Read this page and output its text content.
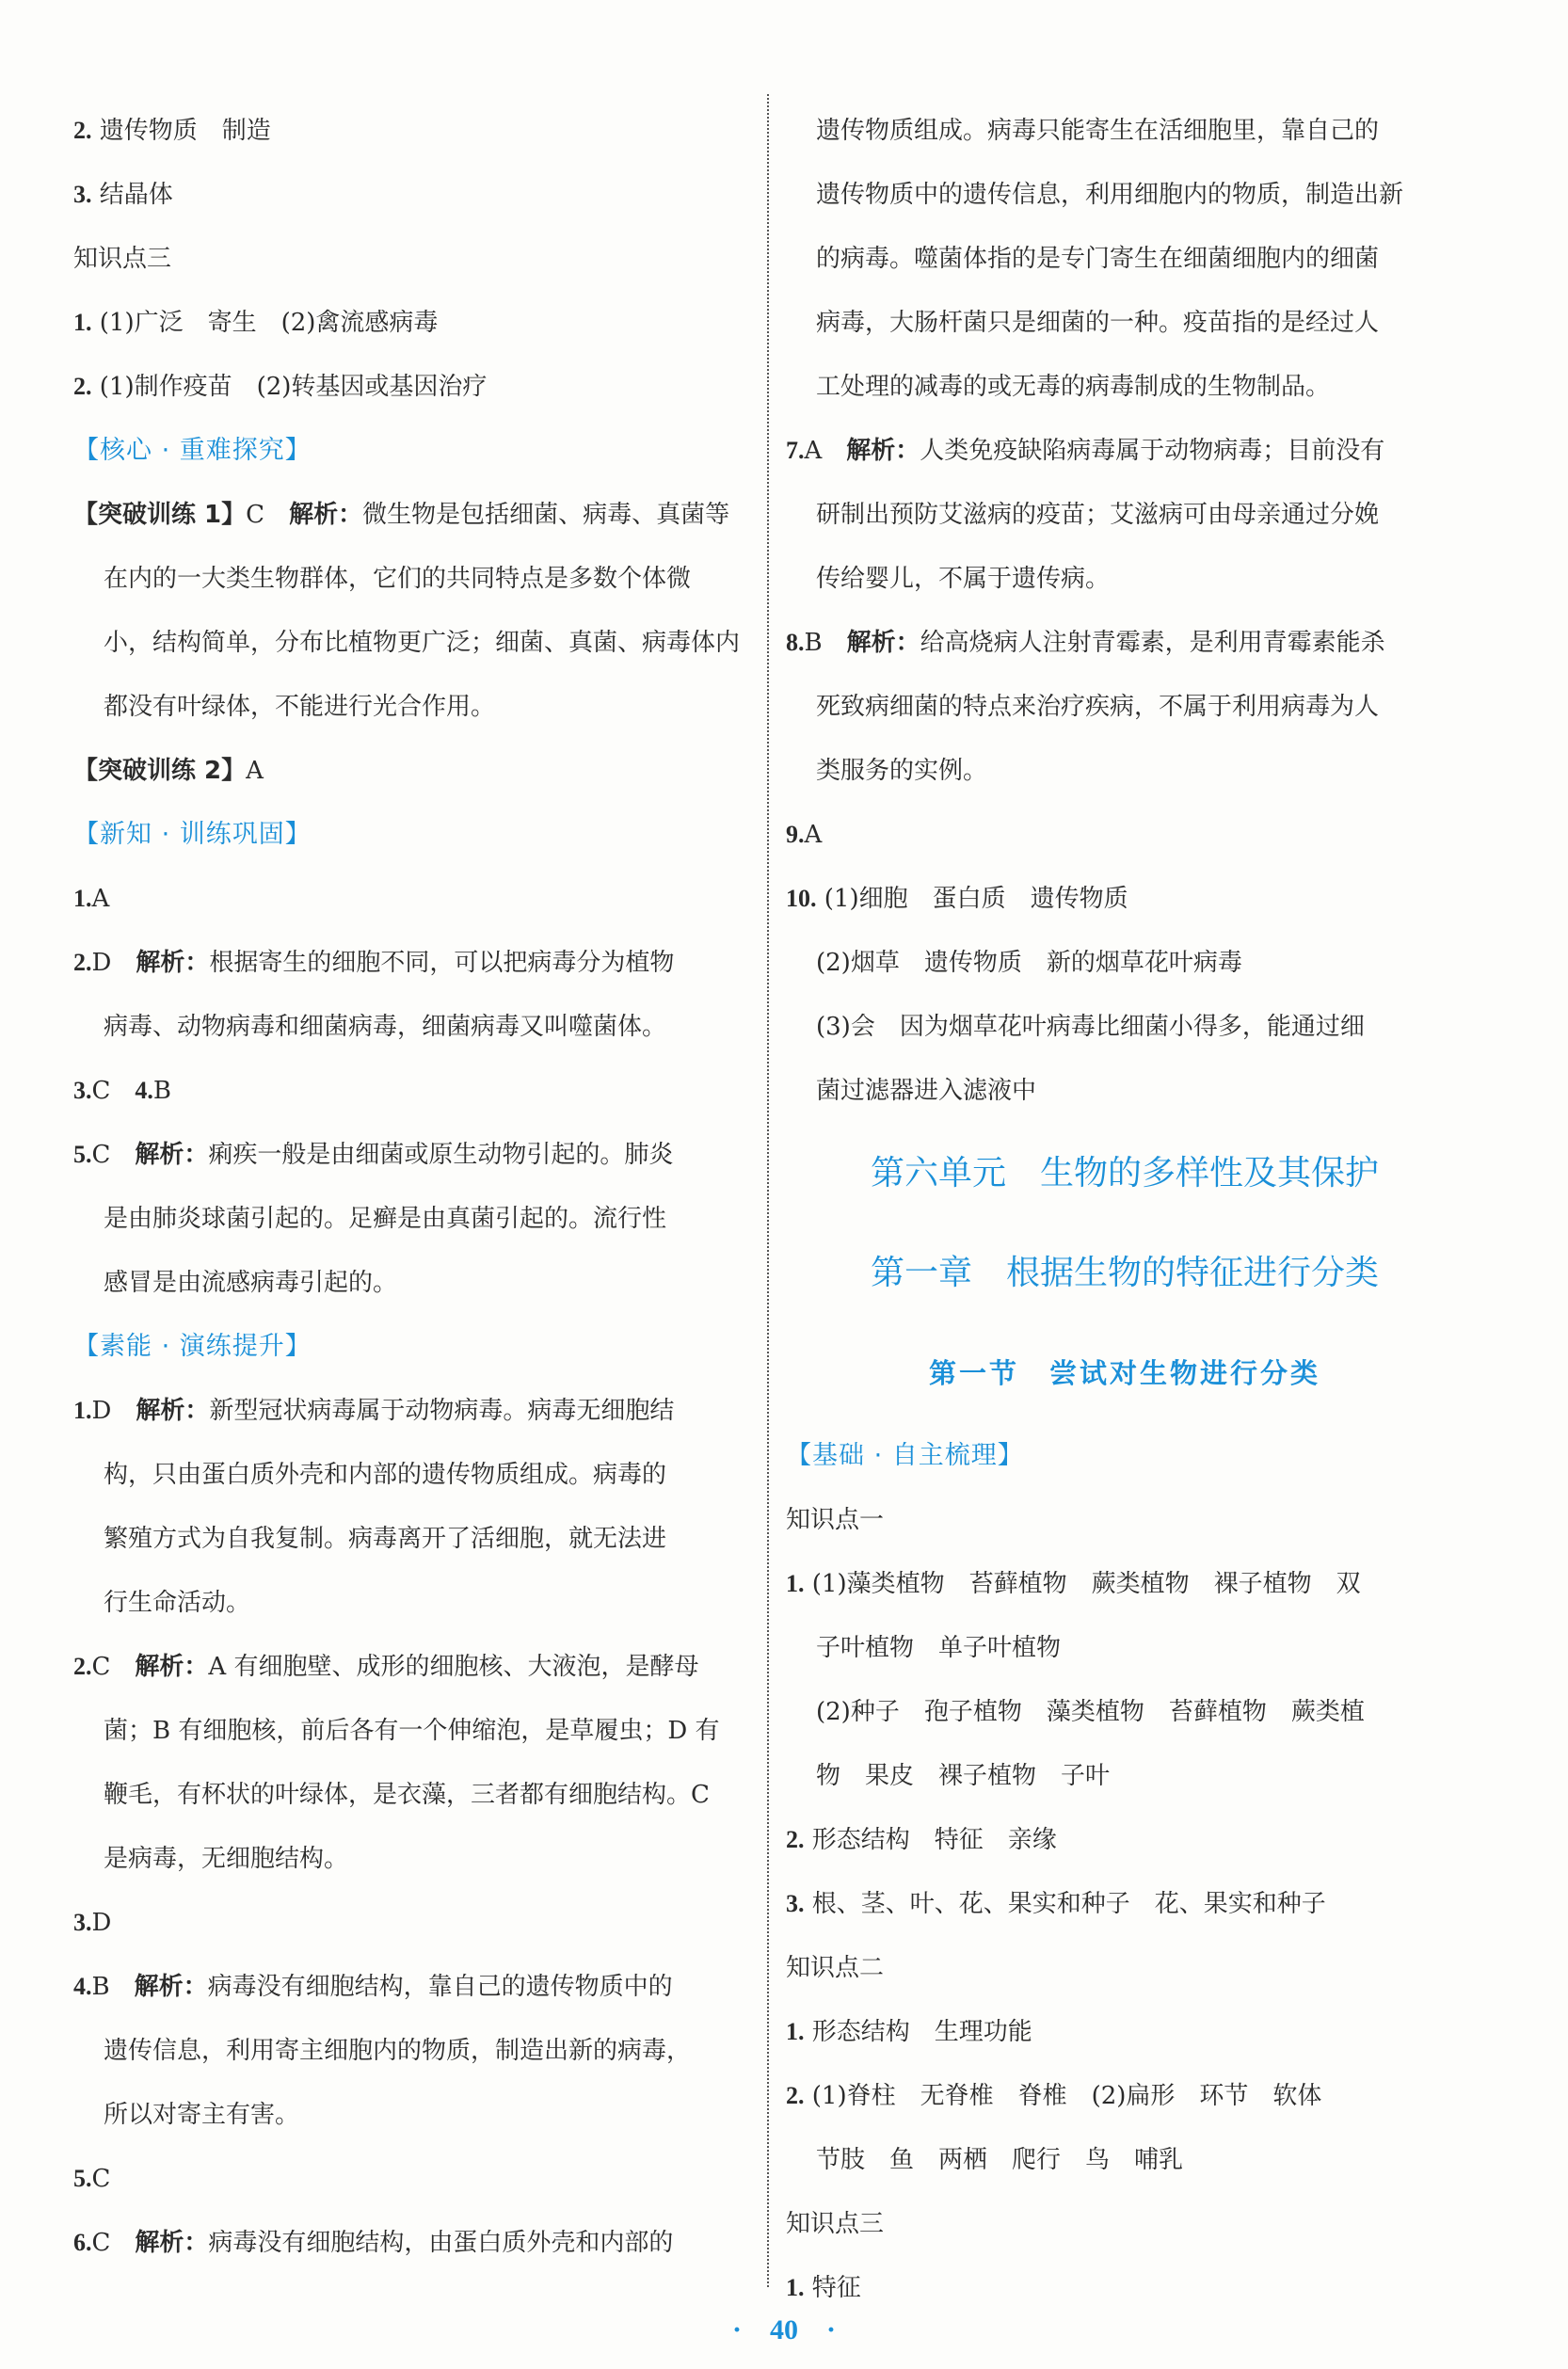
2. 遗传物质　制造
3. 结晶体
知识点三
1. (1)广泛　寄生　(2)禽流感病毒
2. (1)制作疫苗　(2)转基因或基因治疗
【核心 · 重难探究】
【突破训练 1】C　解析：微生物是包括细菌、病毒、真菌等
在内的一大类生物群体，它们的共同特点是多数个体微
小，结构简单，分布比植物更广泛；细菌、真菌、病毒体内
都没有叶绿体，不能进行光合作用。
【突破训练 2】A
【新知 · 训练巩固】
1.A
2.D　解析：根据寄生的细胞不同，可以把病毒分为植物
病毒、动物病毒和细菌病毒，细菌病毒又叫噬菌体。
3.C　4.B
5.C　解析：痢疾一般是由细菌或原生动物引起的。肺炎
是由肺炎球菌引起的。足癣是由真菌引起的。流行性
感冒是由流感病毒引起的。
【素能 · 演练提升】
1.D　解析：新型冠状病毒属于动物病毒。病毒无细胞结
构，只由蛋白质外壳和内部的遗传物质组成。病毒的
繁殖方式为自我复制。病毒离开了活细胞，就无法进
行生命活动。
2.C　解析：A 有细胞壁、成形的细胞核、大液泡，是酵母
菌；B 有细胞核，前后各有一个伸缩泡，是草履虫；D 有
鞭毛，有杯状的叶绿体，是衣藻，三者都有细胞结构。C
是病毒，无细胞结构。
3.D
4.B　解析：病毒没有细胞结构，靠自己的遗传物质中的
遗传信息，利用寄主细胞内的物质，制造出新的病毒，
所以对寄主有害。
5.C
6.C　解析：病毒没有细胞结构，由蛋白质外壳和内部的
遗传物质组成。病毒只能寄生在活细胞里，靠自己的
遗传物质中的遗传信息，利用细胞内的物质，制造出新
的病毒。噬菌体指的是专门寄生在细菌细胞内的细菌
病毒，大肠杆菌只是细菌的一种。疫苗指的是经过人
工处理的减毒的或无毒的病毒制成的生物制品。
7.A　解析：人类免疫缺陷病毒属于动物病毒；目前没有
研制出预防艾滋病的疫苗；艾滋病可由母亲通过分娩
传给婴儿，不属于遗传病。
8.B　解析：给高烧病人注射青霉素，是利用青霉素能杀
死致病细菌的特点来治疗疾病，不属于利用病毒为人
类服务的实例。
9.A
10. (1)细胞　蛋白质　遗传物质
(2)烟草　遗传物质　新的烟草花叶病毒
(3)会　因为烟草花叶病毒比细菌小得多，能通过细
菌过滤器进入滤液中
第六单元　生物的多样性及其保护
第一章　根据生物的特征进行分类
第一节　尝试对生物进行分类
【基础 · 自主梳理】
知识点一
1. (1)藻类植物　苔藓植物　蕨类植物　裸子植物　双
子叶植物　单子叶植物
(2)种子　孢子植物　藻类植物　苔藓植物　蕨类植
物　果皮　裸子植物　子叶
2. 形态结构　特征　亲缘
3. 根、茎、叶、花、果实和种子　花、果实和种子
知识点二
1. 形态结构　生理功能
2. (1)脊柱　无脊椎　脊椎　(2)扁形　环节　软体
节肢　鱼　两栖　爬行　鸟　哺乳
知识点三
1. 特征
·　40　·
